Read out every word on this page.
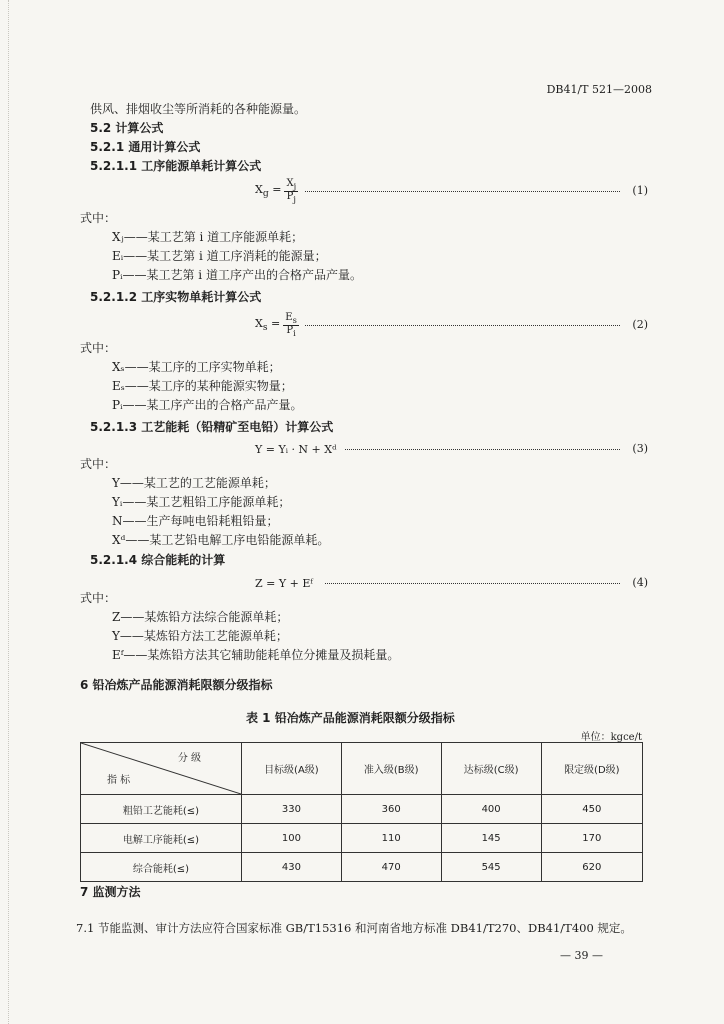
DB41/T 521—2008
供风、排烟收尘等所消耗的各种能源量。
5.2 计算公式
5.2.1 通用计算公式
5.2.1.1 工序能源单耗计算公式
$X_g = \frac{X_j}{P_j}$	(1)
式中：
Xⱼ——某工艺第 i 道工序能源单耗；
Eᵢ——某工艺第 i 道工序消耗的能源量；
Pᵢ——某工艺第 i 道工序产出的合格产品产量。
5.2.1.2 工序实物单耗计算公式
$X_s = \frac{E_s}{P_i}$	(2)
式中：
Xₛ——某工序的工序实物单耗；
Eₛ——某工序的某种能源实物量；
Pᵢ——某工序产出的合格产品产量。
5.2.1.3 工艺能耗（铅精矿至电铅）计算公式
Y = Yᵢ · N + Xᵈ	(3)
式中：
Y——某工艺的工艺能源单耗；
Yᵢ——某工艺粗铅工序能源单耗；
N——生产每吨电铅耗粗铅量；
Xᵈ——某工艺铅电解工序电铅能源单耗。
5.2.1.4 综合能耗的计算
Z = Y + Eᶠ	(4)
式中：
Z——某炼铅方法综合能源单耗；
Y——某炼铅方法工艺能源单耗；
Eᶠ——某炼铅方法其它辅助能耗单位分摊量及损耗量。
6 铅冶炼产品能源消耗限额分级指标
表 1 铅冶炼产品能源消耗限额分级指标
单位：kgce/t
分 级
指 标	目标级(A级)	准入级(B级)	达标级(C级)	限定级(D级)
粗铅工艺能耗(≤)	330	360	400	450
电解工序能耗(≤)	100	110	145	170
综合能耗(≤)	430	470	545	620
7 监测方法
7.1 节能监测、审计方法应符合国家标准 GB/T15316 和河南省地方标准 DB41/T270、DB41/T400 规定。
— 39 —
